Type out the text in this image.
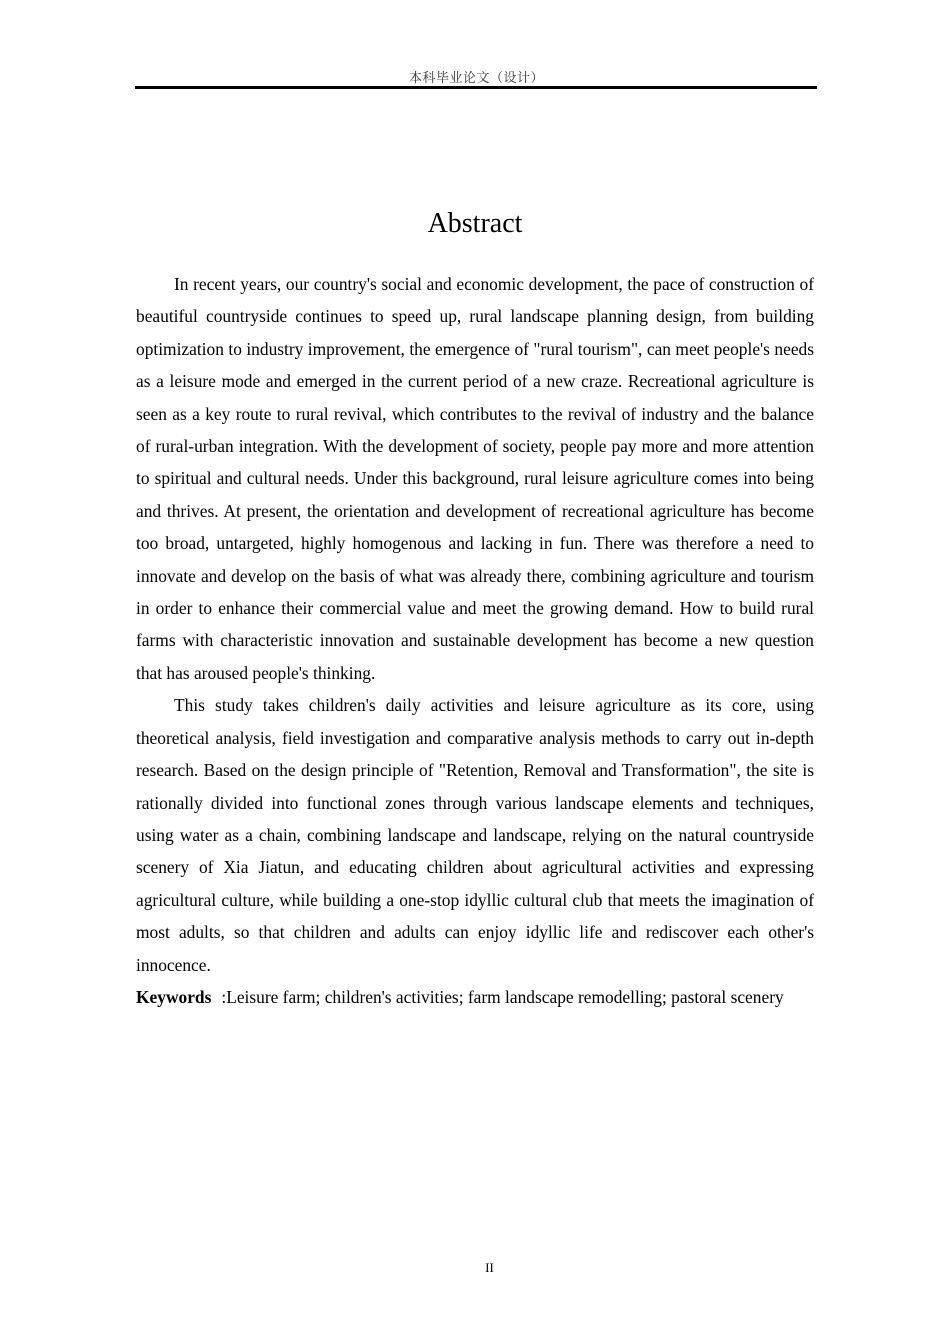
本科毕业论文（设计）
Abstract

In recent years, our country's social and economic development, the pace of construction of beautiful countryside continues to speed up, rural landscape planning design, from building optimization to industry improvement, the emergence of "rural tourism", can meet people's needs as a leisure mode and emerged in the current period of a new craze. Recreational agriculture is seen as a key route to rural revival, which contributes to the revival of industry and the balance of rural-urban integration. With the development of society, people pay more and more attention to spiritual and cultural needs. Under this background, rural leisure agriculture comes into being and thrives. At present, the orientation and development of recreational agriculture has become too broad, untargeted, highly homogenous and lacking in fun. There was therefore a need to innovate and develop on the basis of what was already there, combining agriculture and tourism in order to enhance their commercial value and meet the growing demand. How to build rural farms with characteristic innovation and sustainable development has become a new question that has aroused people's thinking.

This study takes children's daily activities and leisure agriculture as its core, using theoretical analysis, field investigation and comparative analysis methods to carry out in-depth research. Based on the design principle of "Retention, Removal and Transformation", the site is rationally divided into functional zones through various landscape elements and techniques, using water as a chain, combining landscape and landscape, relying on the natural countryside scenery of Xia Jiatun, and educating children about agricultural activities and expressing agricultural culture, while building a one-stop idyllic cultural club that meets the imagination of most adults, so that children and adults can enjoy idyllic life and rediscover each other's innocence.

Keywords :Leisure farm; children's activities; farm landscape remodelling; pastoral scenery
II
